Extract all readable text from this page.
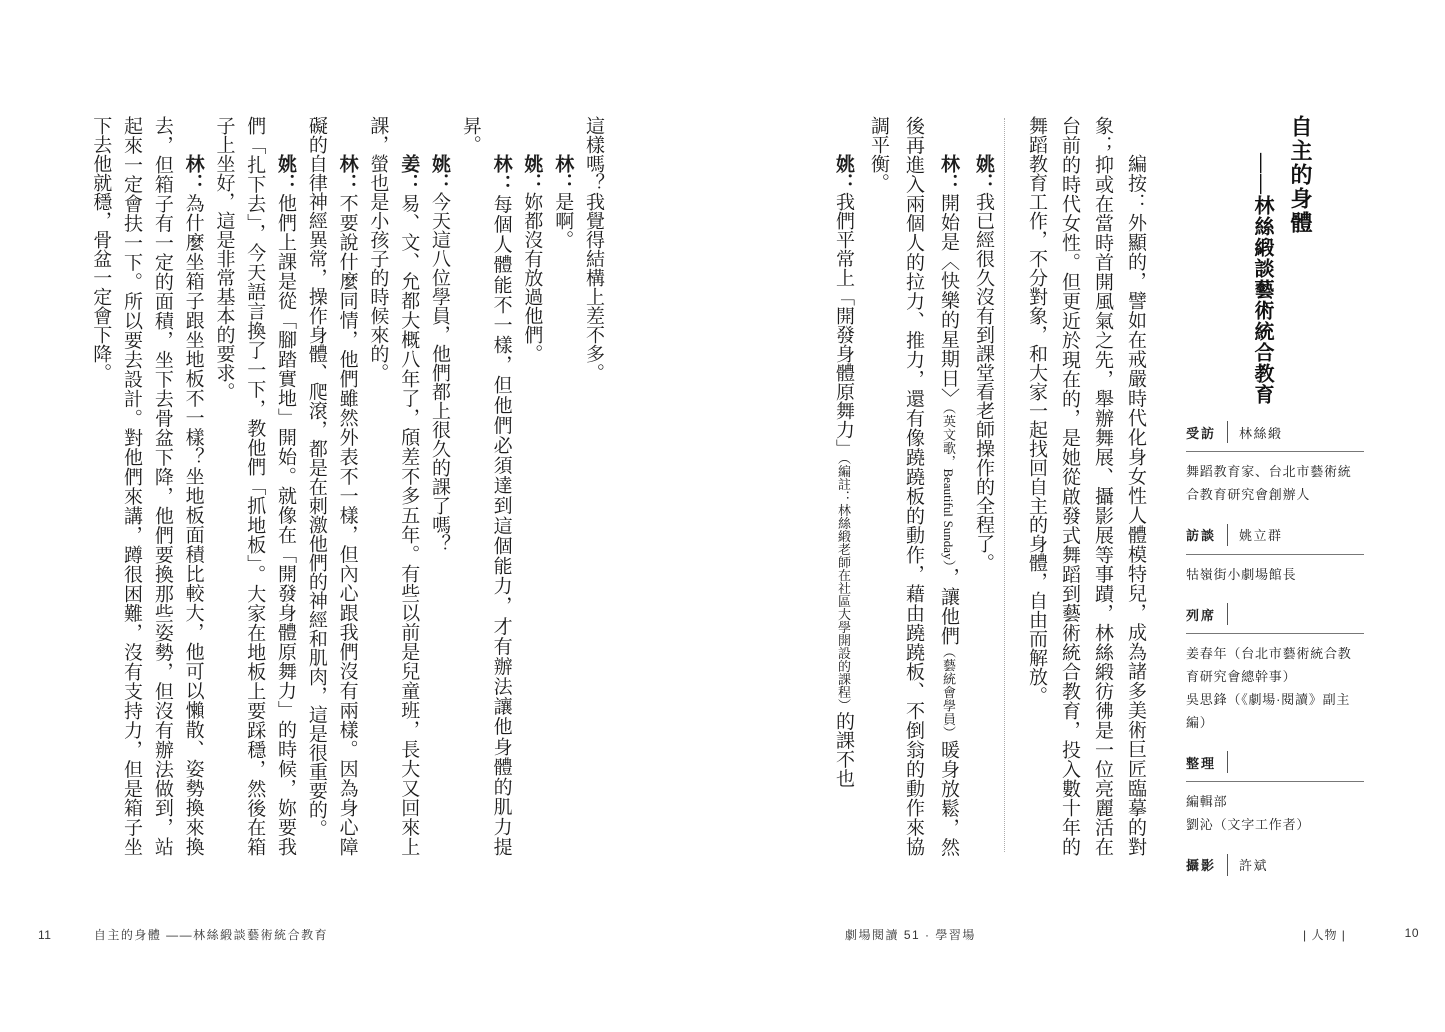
這樣嗎？我覺得結構上差不多。

林：是啊。

姚：妳都沒有放過他們。

林：每個人體能不一樣，但他們必須達到這個能力，才有辦法讓他身體的肌力提昇。

姚：今天這八位學員，他們都上很久的課了嗎？

姜：易、文、允都大概八年了，頎差不多五年。有些以前是兒童班，長大又回來上課，螢也是小孩子的時候來的。

林：不要說什麼同情，他們雖然外表不一樣，但內心跟我們沒有兩樣。因為身心障礙的自律神經異常，操作身體、爬滾，都是在刺激他們的神經和肌肉，這是很重要的。

姚：他們上課是從「腳踏實地」開始。就像在「開發身體原舞力」的時候，妳要我們「扎下去」，今天語言換了一下，教他們「抓地板」。大家在地板上要踩穩，然後在箱子上坐好，這是非常基本的要求。

林：為什麼坐箱子跟坐地板不一樣？坐地板面積比較大，他可以懶散、姿勢換來換去，但箱子有一定的面積，坐下去骨盆下降，他們要換那些姿勢，但沒有辦法做到，站起來一定會扶一下。所以要去設計。對他們來講，蹲很困難，沒有支持力，但是箱子坐下去他就穩，骨盆一定會下降。

11	自主的身體 ——林絲緞談藝術統合教育

姚：我已經很久沒有到課堂看老師操作的全程了。

林：開始是〈快樂的星期日〉（英文歌，Beautiful Sunday），讓他們（藝統會學員）暖身放鬆，然後再進入兩個人的拉力、推力，還有像蹺蹺板的動作，藉由蹺蹺板、不倒翁的動作來協調平衡。

姚：我們平常上「開發身體原舞力」（編註：林絲緞老師在社區大學開設的課程）的課不也	編按：外顯的，譬如在戒嚴時代化身女性人體模特兒，成為諸多美術巨匠臨摹的對象；抑或在當時首開風氣之先，舉辦舞展、攝影展等事蹟，林絲緞彷彿是一位亮麗活在台前的時代女性。但更近於現在的，是她從啟發式舞蹈到藝術統合教育，投入數十年的舞蹈教育工作，不分對象，和大家一起找回自主的身體，自由而解放。	自主的身體
——林絲緞談藝術統合教育
受訪 林絲緞
舞蹈教育家、台北市藝術統合教育研究會創辦人
訪談 姚立群
牯嶺街小劇場館長
列席
姜春年（台北市藝術統合教育研究會總幹事）
吳思鋒（《劇場·閱讀》副主編）
整理
編輯部
劉沁（文字工作者）
攝影 許斌
劇場閱讀 51 · 學習場	| 人物 |	10
